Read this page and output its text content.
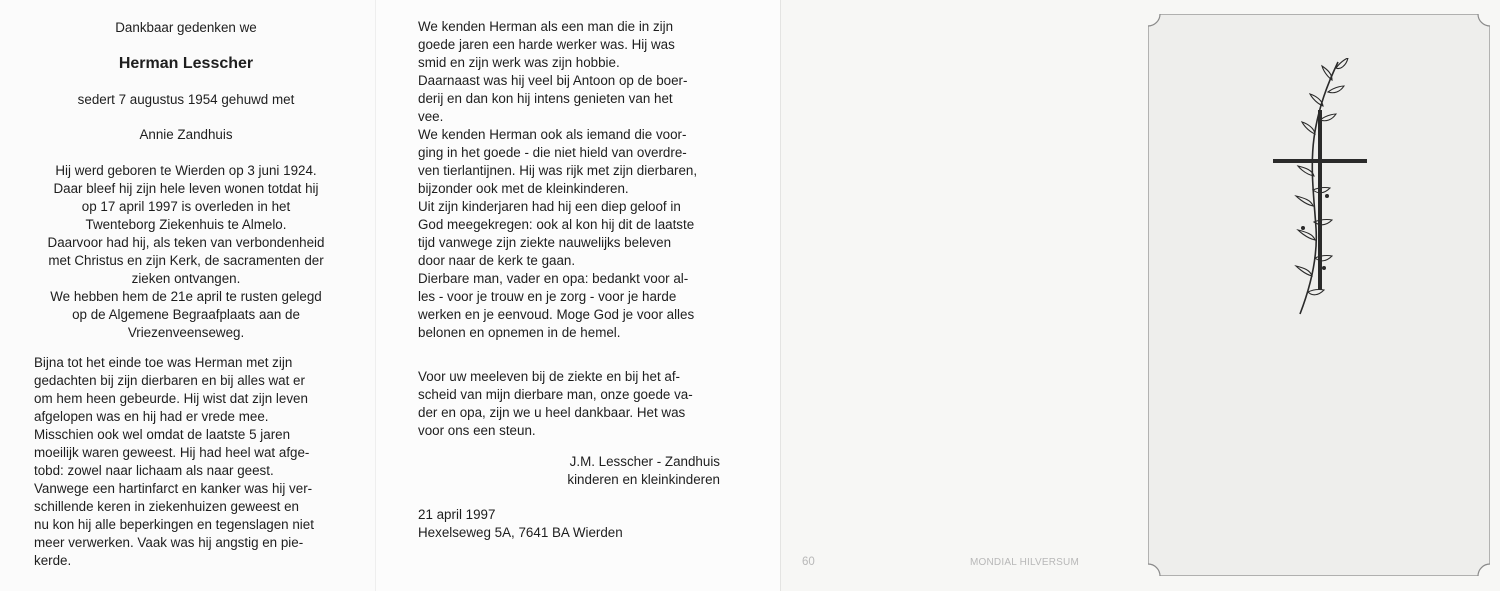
Dankbaar gedenken we
Herman Lesscher
sedert 7 augustus 1954 gehuwd met
Annie Zandhuis
Hij werd geboren te Wierden op 3 juni 1924.
Daar bleef hij zijn hele leven wonen totdat hij
op 17 april 1997 is overleden in het
Twenteborg Ziekenhuis te Almelo.
Daarvoor had hij, als teken van verbondenheid
met Christus en zijn Kerk, de sacramenten der
zieken ontvangen.
We hebben hem de 21e april te rusten gelegd
op de Algemene Begraafplaats aan de
Vriezenveenseweg.
Bijna tot het einde toe was Herman met zijn
gedachten bij zijn dierbaren en bij alles wat er
om hem heen gebeurde. Hij wist dat zijn leven
afgelopen was en hij had er vrede mee.
Misschien ook wel omdat de laatste 5 jaren
moeilijk waren geweest. Hij had heel wat afge-
tobd: zowel naar lichaam als naar geest.
Vanwege een hartinfarct en kanker was hij ver-
schillende keren in ziekenhuizen geweest en
nu kon hij alle beperkingen en tegenslagen niet
meer verwerken. Vaak was hij angstig en pie-
kerde.
We kenden Herman als een man die in zijn
goede jaren een harde werker was. Hij was
smid en zijn werk was zijn hobbie.
Daarnaast was hij veel bij Antoon op de boer-
derij en dan kon hij intens genieten van het
vee.
We kenden Herman ook als iemand die voor-
ging in het goede - die niet hield van overdre-
ven tierlantijnen. Hij was rijk met zijn dierbaren,
bijzonder ook met de kleinkinderen.
Uit zijn kinderjaren had hij een diep geloof in
God meegekregen: ook al kon hij dit de laatste
tijd vanwege zijn ziekte nauwelijks beleven
door naar de kerk te gaan.
Dierbare man, vader en opa: bedankt voor al-
les - voor je trouw en je zorg - voor je harde
werken en je eenvoud. Moge God je voor alles
belonen en opnemen in de hemel.
Voor uw meeleven bij de ziekte en bij het af-
scheid van mijn dierbare man, onze goede va-
der en opa, zijn we u heel dankbaar. Het was
voor ons een steun.
J.M. Lesscher - Zandhuis
kinderen en kleinkinderen
21 april 1997
Hexelseweg 5A, 7641 BA Wierden
60	MONDIAL HILVERSUM
